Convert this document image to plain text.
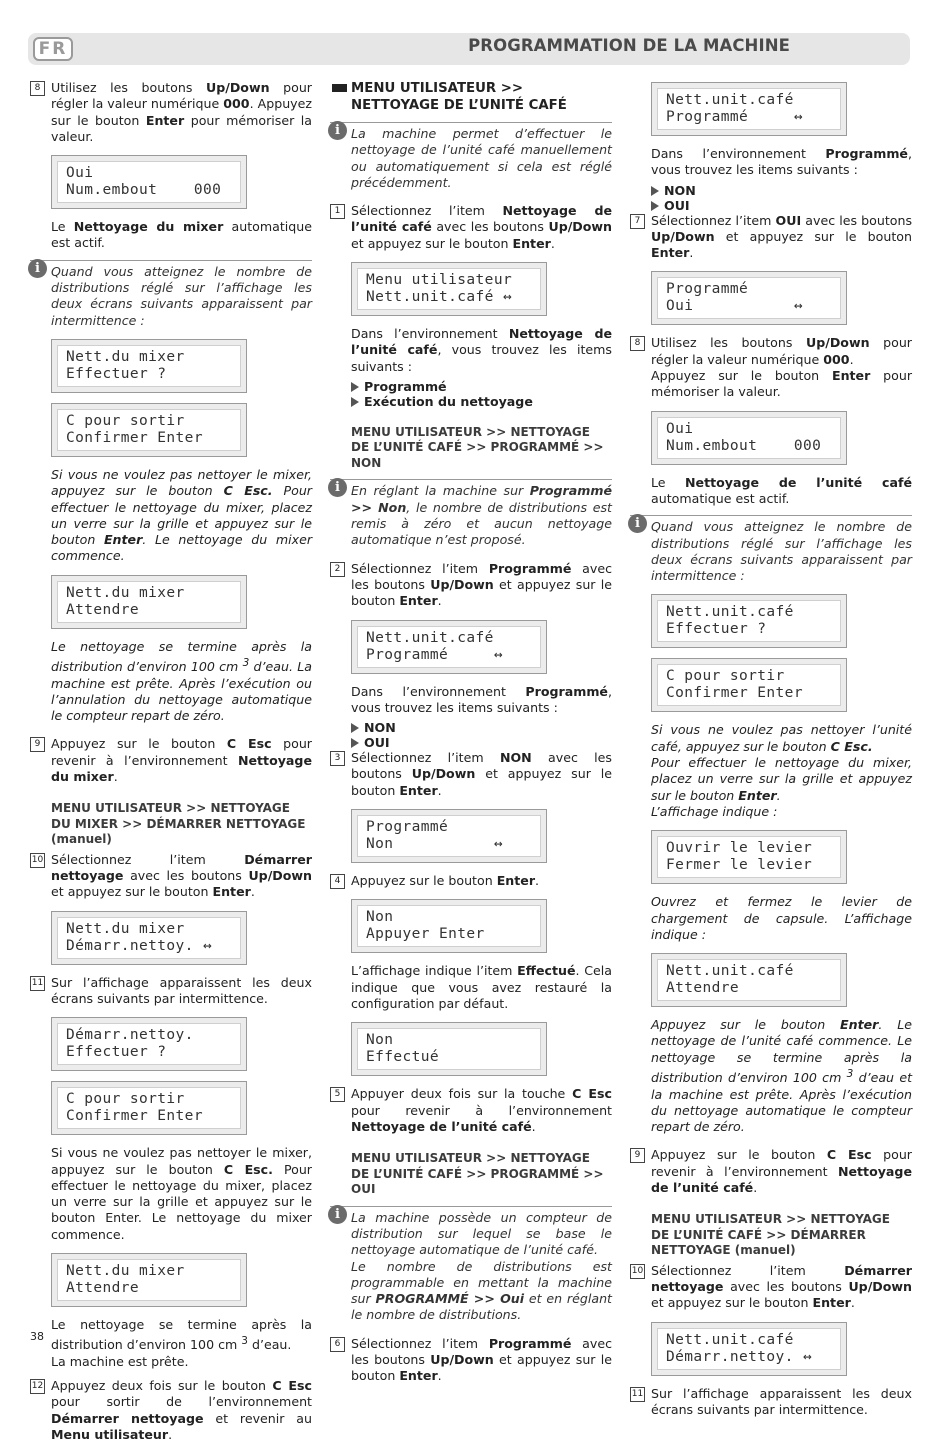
FR	PROGRAMMATION DE LA MACHINE
8 Utilisez les boutons Up/Down pour régler la valeur numérique 000. Appuyez sur le bouton Enter pour mémoriser la valeur.
Oui
Num.embout    000
Le Nettoyage du mixer automatique est actif.
i Quand vous atteignez le nombre de distributions réglé sur l’affichage les deux écrans suivants apparaissent par intermittence :
Nett.du mixer
Effectuer ?
C pour sortir
Confirmer Enter
Si vous ne voulez pas nettoyer le mixer, appuyez sur le bouton C Esc. Pour effectuer le nettoyage du mixer, placez un verre sur la grille et appuyez sur le bouton Enter. Le nettoyage du mixer commence.
Nett.du mixer
Attendre
Le nettoyage se termine après la distribution d’environ 100 cm $^3$ d’eau. La machine est prête. Après l’exécution ou l’annulation du nettoyage automatique le compteur repart de zéro.
9 Appuyez sur le bouton C Esc pour revenir à l’environnement Nettoyage du mixer.
MENU UTILISATEUR >> NETTOYAGE DU MIXER >> DÉMARRER NETTOYAGE (manuel)
10 Sélectionnez l’item Démarrer nettoyage avec les boutons Up/Down et appuyez sur le bouton Enter.
Nett.du mixer
Démarr.nettoy. ↔
11 Sur l’affichage apparaissent les deux écrans suivants par intermittence.
Démarr.nettoy.
Effectuer ?
C pour sortir
Confirmer Enter
Si vous ne voulez pas nettoyer le mixer, appuyez sur le bouton C Esc. Pour effectuer le nettoyage du mixer, placez un verre sur la grille et appuyez sur le bouton Enter. Le nettoyage du mixer commence.
Nett.du mixer
Attendre
Le nettoyage se termine après la distribution d’environ 100 cm $^3$ d’eau.
La machine est prête.
12 Appuyez deux fois sur le bouton C Esc pour sortir de l’environnement Démarrer nettoyage et revenir au Menu utilisateur.
MENU UTILISATEUR >> NETTOYAGE DE L’UNITÉ CAFÉ
i La machine permet d’effectuer le nettoyage de l’unité café manuellement ou automatiquement si cela est réglé précédemment.
1 Sélectionnez l’item Nettoyage de l’unité café avec les boutons Up/Down et appuyez sur le bouton Enter.
Menu utilisateur
Nett.unit.café ↔
Dans l’environnement Nettoyage de l’unité café, vous trouvez les items suivants :
Programmé
Exécution du nettoyage
MENU UTILISATEUR >> NETTOYAGE DE L’UNITÉ CAFÉ >> PROGRAMMÉ >> NON
i En réglant la machine sur Programmé >> Non, le nombre de distributions est remis à zéro et aucun nettoyage automatique n’est proposé.
2 Sélectionnez l’item Programmé avec les boutons Up/Down et appuyez sur le bouton Enter.
Nett.unit.café
Programmé     ↔
Dans l’environnement Programmé, vous trouvez les items suivants :
NON
OUI
3 Sélectionnez l’item NON avec les boutons Up/Down et appuyez sur le bouton Enter.
Programmé
Non           ↔
4 Appuyez sur le bouton Enter.
Non
Appuyer Enter
L’affichage indique l’item Effectué. Cela indique que vous avez restauré la configuration par défaut.
Non
Effectué
5 Appuyer deux fois sur la touche C Esc pour revenir à l’environnement Nettoyage de l’unité café.
MENU UTILISATEUR >> NETTOYAGE DE L’UNITÉ CAFÉ >> PROGRAMMÉ >> OUI
i La machine possède un compteur de distribution sur lequel se base le nettoyage automatique de l’unité café.
Le nombre de distributions est programmable en mettant la machine sur PROGRAMMÉ >> Oui et en réglant le nombre de distributions.
6 Sélectionnez l’item Programmé avec les boutons Up/Down et appuyez sur le bouton Enter.
Nett.unit.café
Programmé     ↔
Dans l’environnement Programmé, vous trouvez les items suivants :
NON
OUI
7 Sélectionnez l’item OUI avec les boutons Up/Down et appuyez sur le bouton Enter.
Programmé
Oui           ↔
8 Utilisez les boutons Up/Down pour régler la valeur numérique 000.
Appuyez sur le bouton Enter pour mémoriser la valeur.
Oui
Num.embout    000
Le Nettoyage de l’unité café automatique est actif.
i Quand vous atteignez le nombre de distributions réglé sur l’affichage les deux écrans suivants apparaissent par intermittence :
Nett.unit.café
Effectuer ?
C pour sortir
Confirmer Enter
Si vous ne voulez pas nettoyer l’unité café, appuyez sur le bouton C Esc.
Pour effectuer le nettoyage du mixer, placez un verre sur la grille et appuyez sur le bouton Enter.
L’affichage indique :
Ouvrir le levier
Fermer le levier
Ouvrez et fermez le levier de chargement de capsule. L’affichage indique :
Nett.unit.café
Attendre
Appuyez sur le bouton Enter. Le nettoyage de l’unité café commence. Le nettoyage se termine après la distribution d’environ 100 cm $^3$ d’eau et la machine est prête. Après l’exécution du nettoyage automatique le compteur repart de zéro.
9 Appuyez sur le bouton C Esc pour revenir à l’environnement Nettoyage de l’unité café.
MENU UTILISATEUR >> NETTOYAGE DE L’UNITÉ CAFÉ >> DÉMARRER NETTOYAGE (manuel)
10 Sélectionnez l’item Démarrer nettoyage avec les boutons Up/Down et appuyez sur le bouton Enter.
Nett.unit.café
Démarr.nettoy. ↔
11 Sur l’affichage apparaissent les deux écrans suivants par intermittence.
38
